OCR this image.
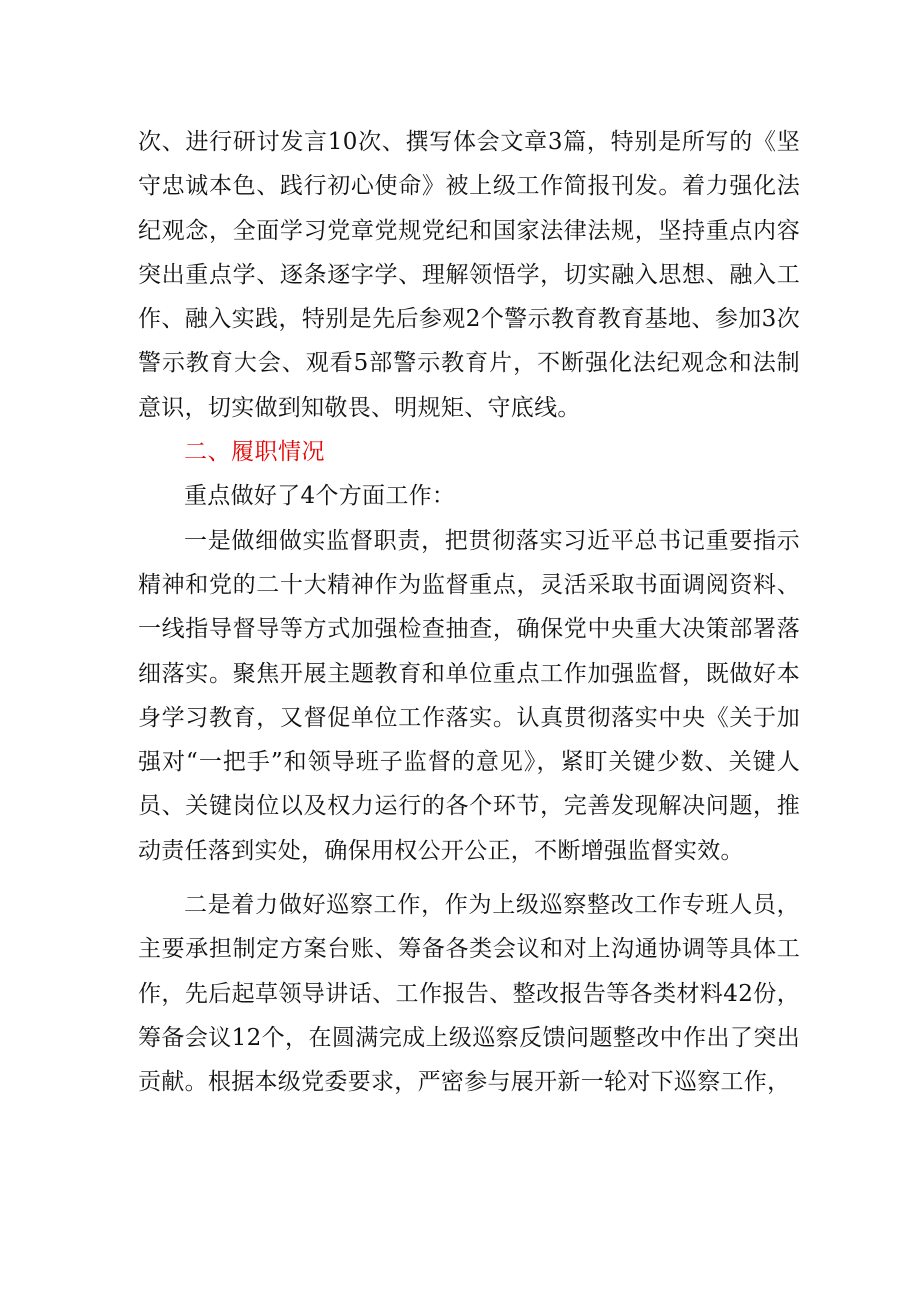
次、进行研讨发言10次、撰写体会文章3篇，特别是所写的《坚守忠诚本色、践行初心使命》被上级工作简报刊发。着力强化法纪观念，全面学习党章党规党纪和国家法律法规，坚持重点内容突出重点学、逐条逐字学、理解领悟学，切实融入思想、融入工作、融入实践，特别是先后参观2个警示教育教育基地、参加3次警示教育大会、观看5部警示教育片，不断强化法纪观念和法制意识，切实做到知敬畏、明规矩、守底线。

二、履职情况

重点做好了4个方面工作：

一是做细做实监督职责，把贯彻落实习近平总书记重要指示精神和党的二十大精神作为监督重点，灵活采取书面调阅资料、一线指导督导等方式加强检查抽查，确保党中央重大决策部署落细落实。聚焦开展主题教育和单位重点工作加强监督，既做好本身学习教育，又督促单位工作落实。认真贯彻落实中央《关于加强对“一把手”和领导班子监督的意见》，紧盯关键少数、关键人员、关键岗位以及权力运行的各个环节，完善发现解决问题，推动责任落到实处，确保用权公开公正，不断增强监督实效。

二是着力做好巡察工作，作为上级巡察整改工作专班人员，主要承担制定方案台账、筹备各类会议和对上沟通协调等具体工作，先后起草领导讲话、工作报告、整改报告等各类材料42份，筹备会议12个，在圆满完成上级巡察反馈问题整改中作出了突出贡献。根据本级党委要求，严密参与展开新一轮对下巡察工作，
